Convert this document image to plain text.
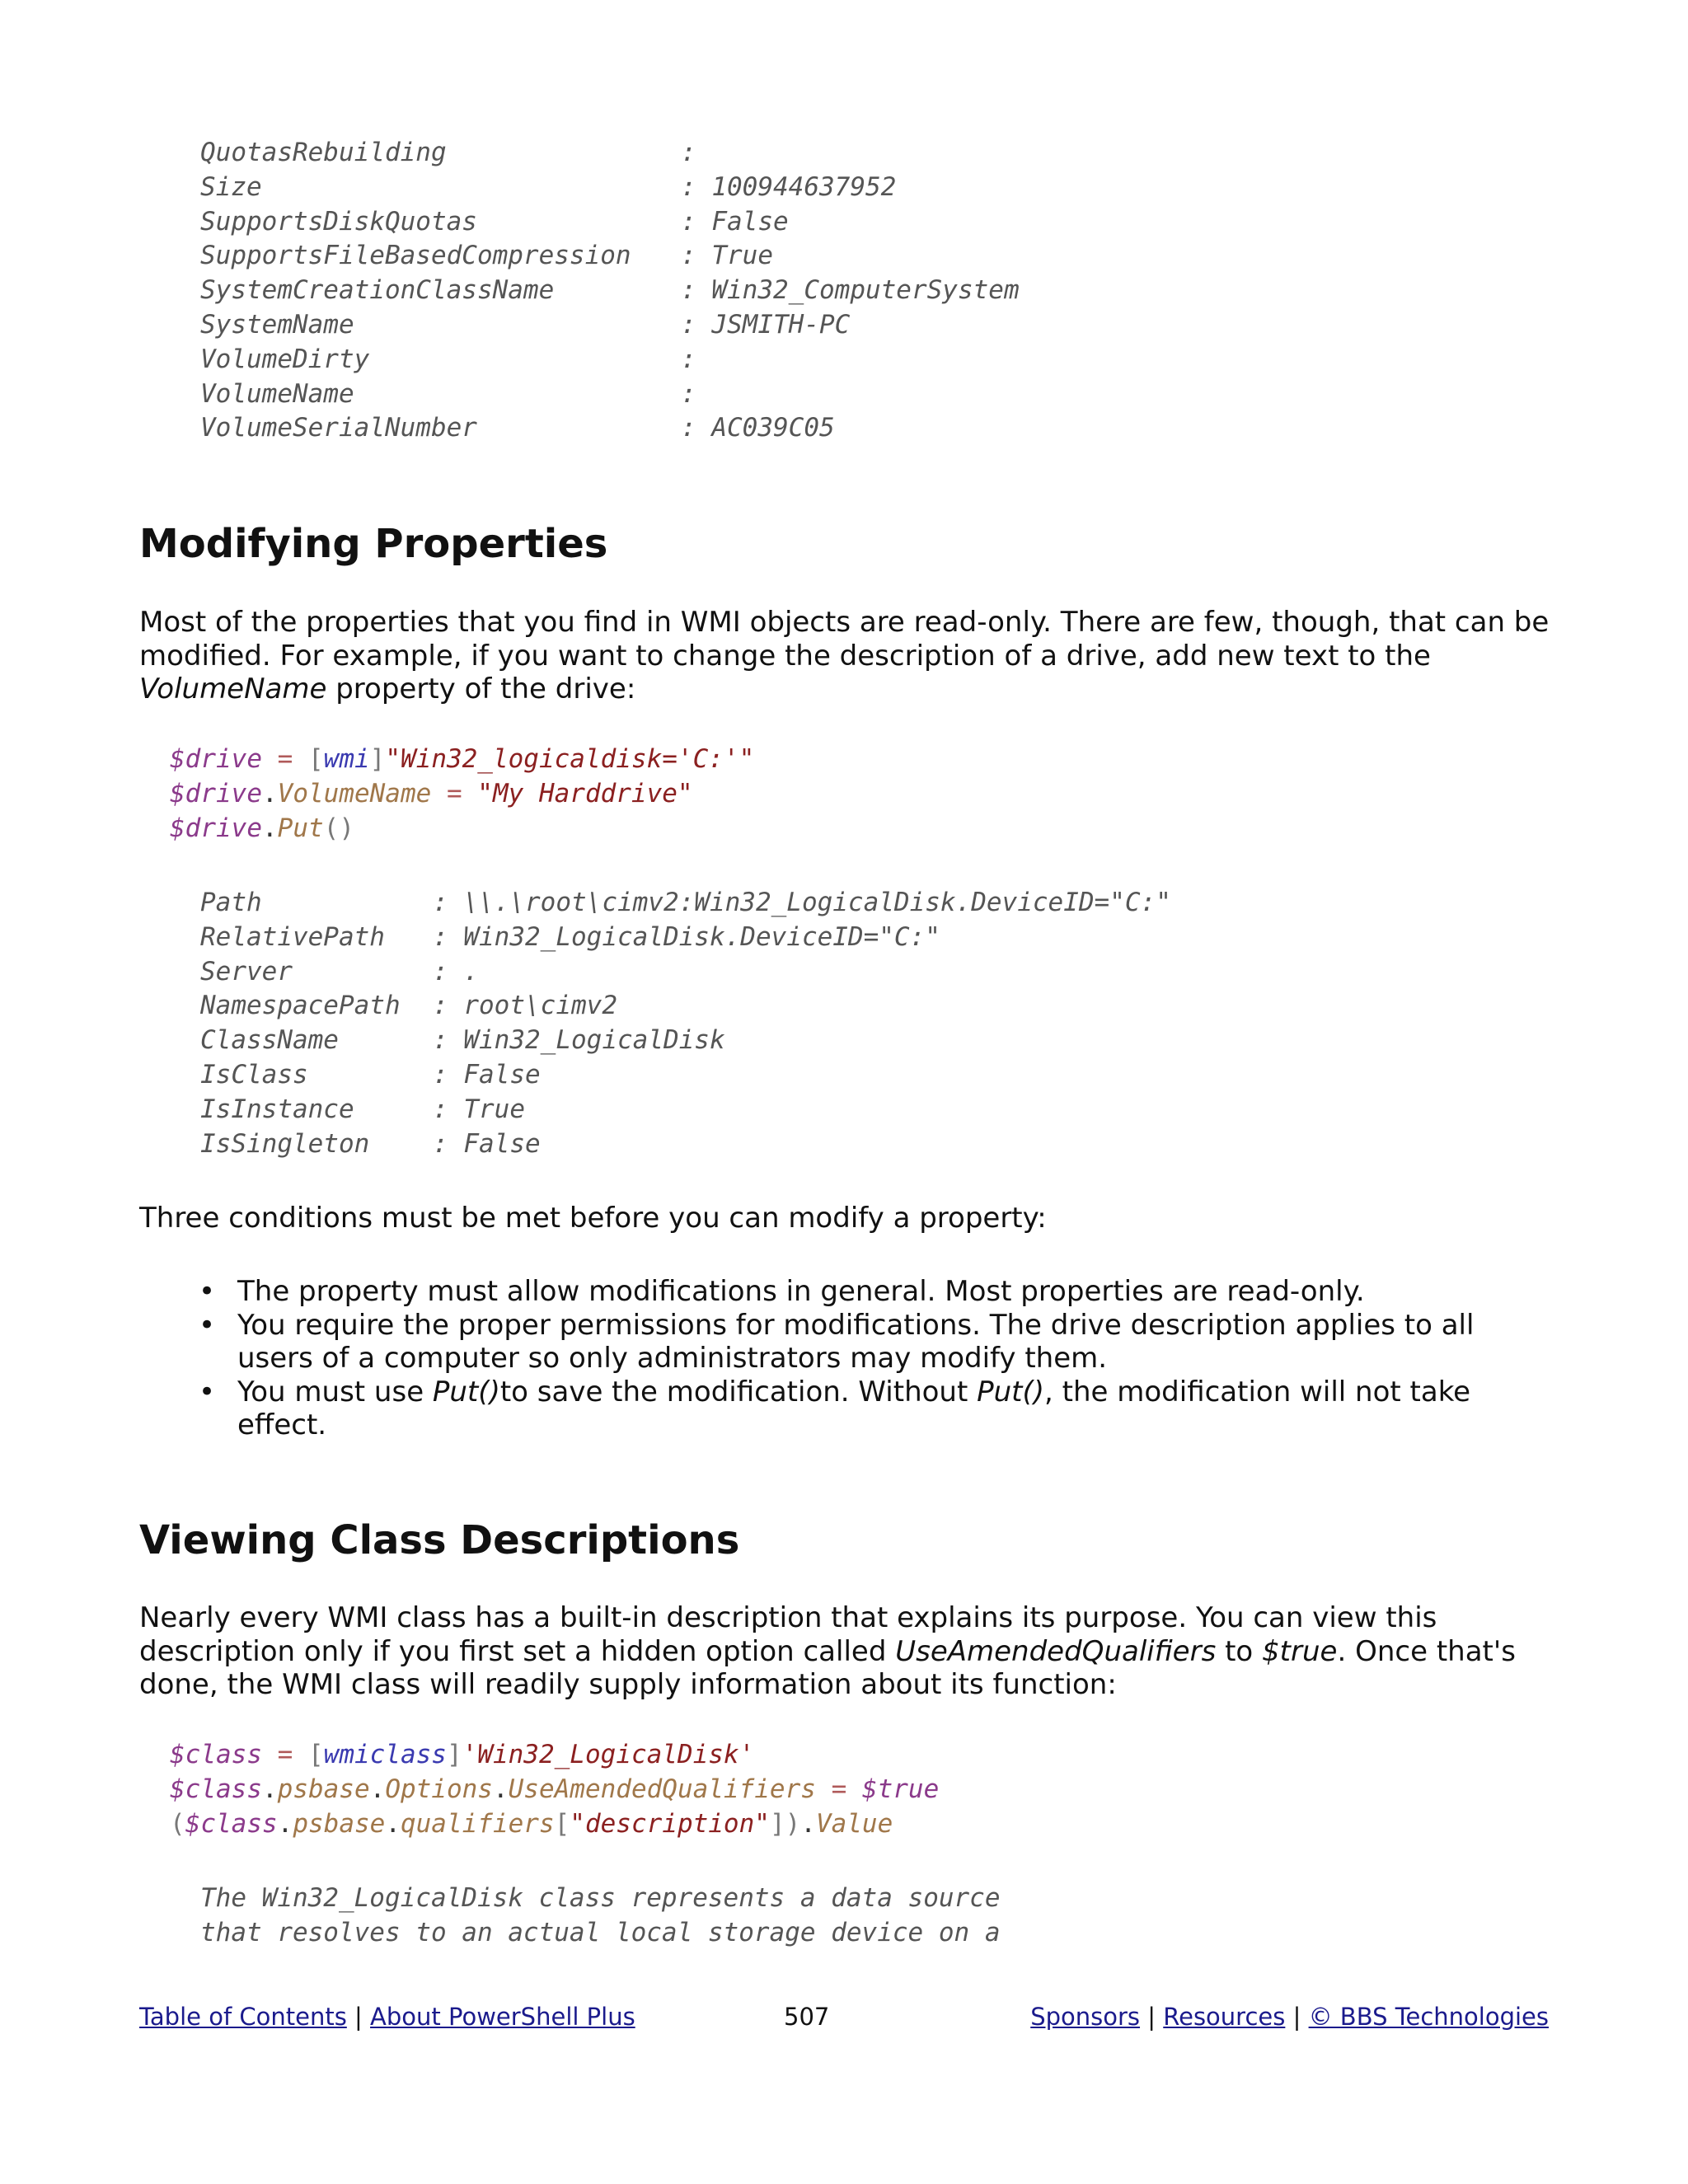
QuotasRebuilding	:
Size	: 100944637952
SupportsDiskQuotas	: False
SupportsFileBasedCompression : True
SystemCreationClassName	: Win32_ComputerSystem
SystemName	: JSMITH-PC
VolumeDirty	:
VolumeName	:
VolumeSerialNumber	: AC039C05
Modifying Properties

Most of the properties that you find in WMI objects are read-only. There are few, though, that can be modified. For example, if you want to change the description of a drive, add new text to the VolumeName property of the drive:

$drive = [wmi]"Win32_logicaldisk='C:'"
$drive.VolumeName = "My Harddrive"
$drive.Put()
Path	: \\.\root\cimv2:Win32_LogicalDisk.DeviceID="C:"
RelativePath : Win32_LogicalDisk.DeviceID="C:"
Server	: .
NamespacePath : root\cimv2
ClassName	: Win32_LogicalDisk
IsClass	: False
IsInstance	: True
IsSingleton : False

Three conditions must be met before you can modify a property:

• The property must allow modifications in general. Most properties are read-only.
• You require the proper permissions for modifications. The drive description applies to all users of a computer so only administrators may modify them.
• You must use Put()to save the modification. Without Put(), the modification will not take effect.
Viewing Class Descriptions

Nearly every WMI class has a built-in description that explains its purpose. You can view this description only if you first set a hidden option called UseAmendedQualifiers to $true. Once that's done, the WMI class will readily supply information about its function:

$class = [wmiclass]'Win32_LogicalDisk'
$class.psbase.Options.UseAmendedQualifiers = $true
($class.psbase.qualifiers["description"]).Value
The Win32_LogicalDisk class represents a data source
that resolves to an actual local storage device on a
Table of Contents | About PowerShell Plus	507	Sponsors | Resources | © BBS Technologies
